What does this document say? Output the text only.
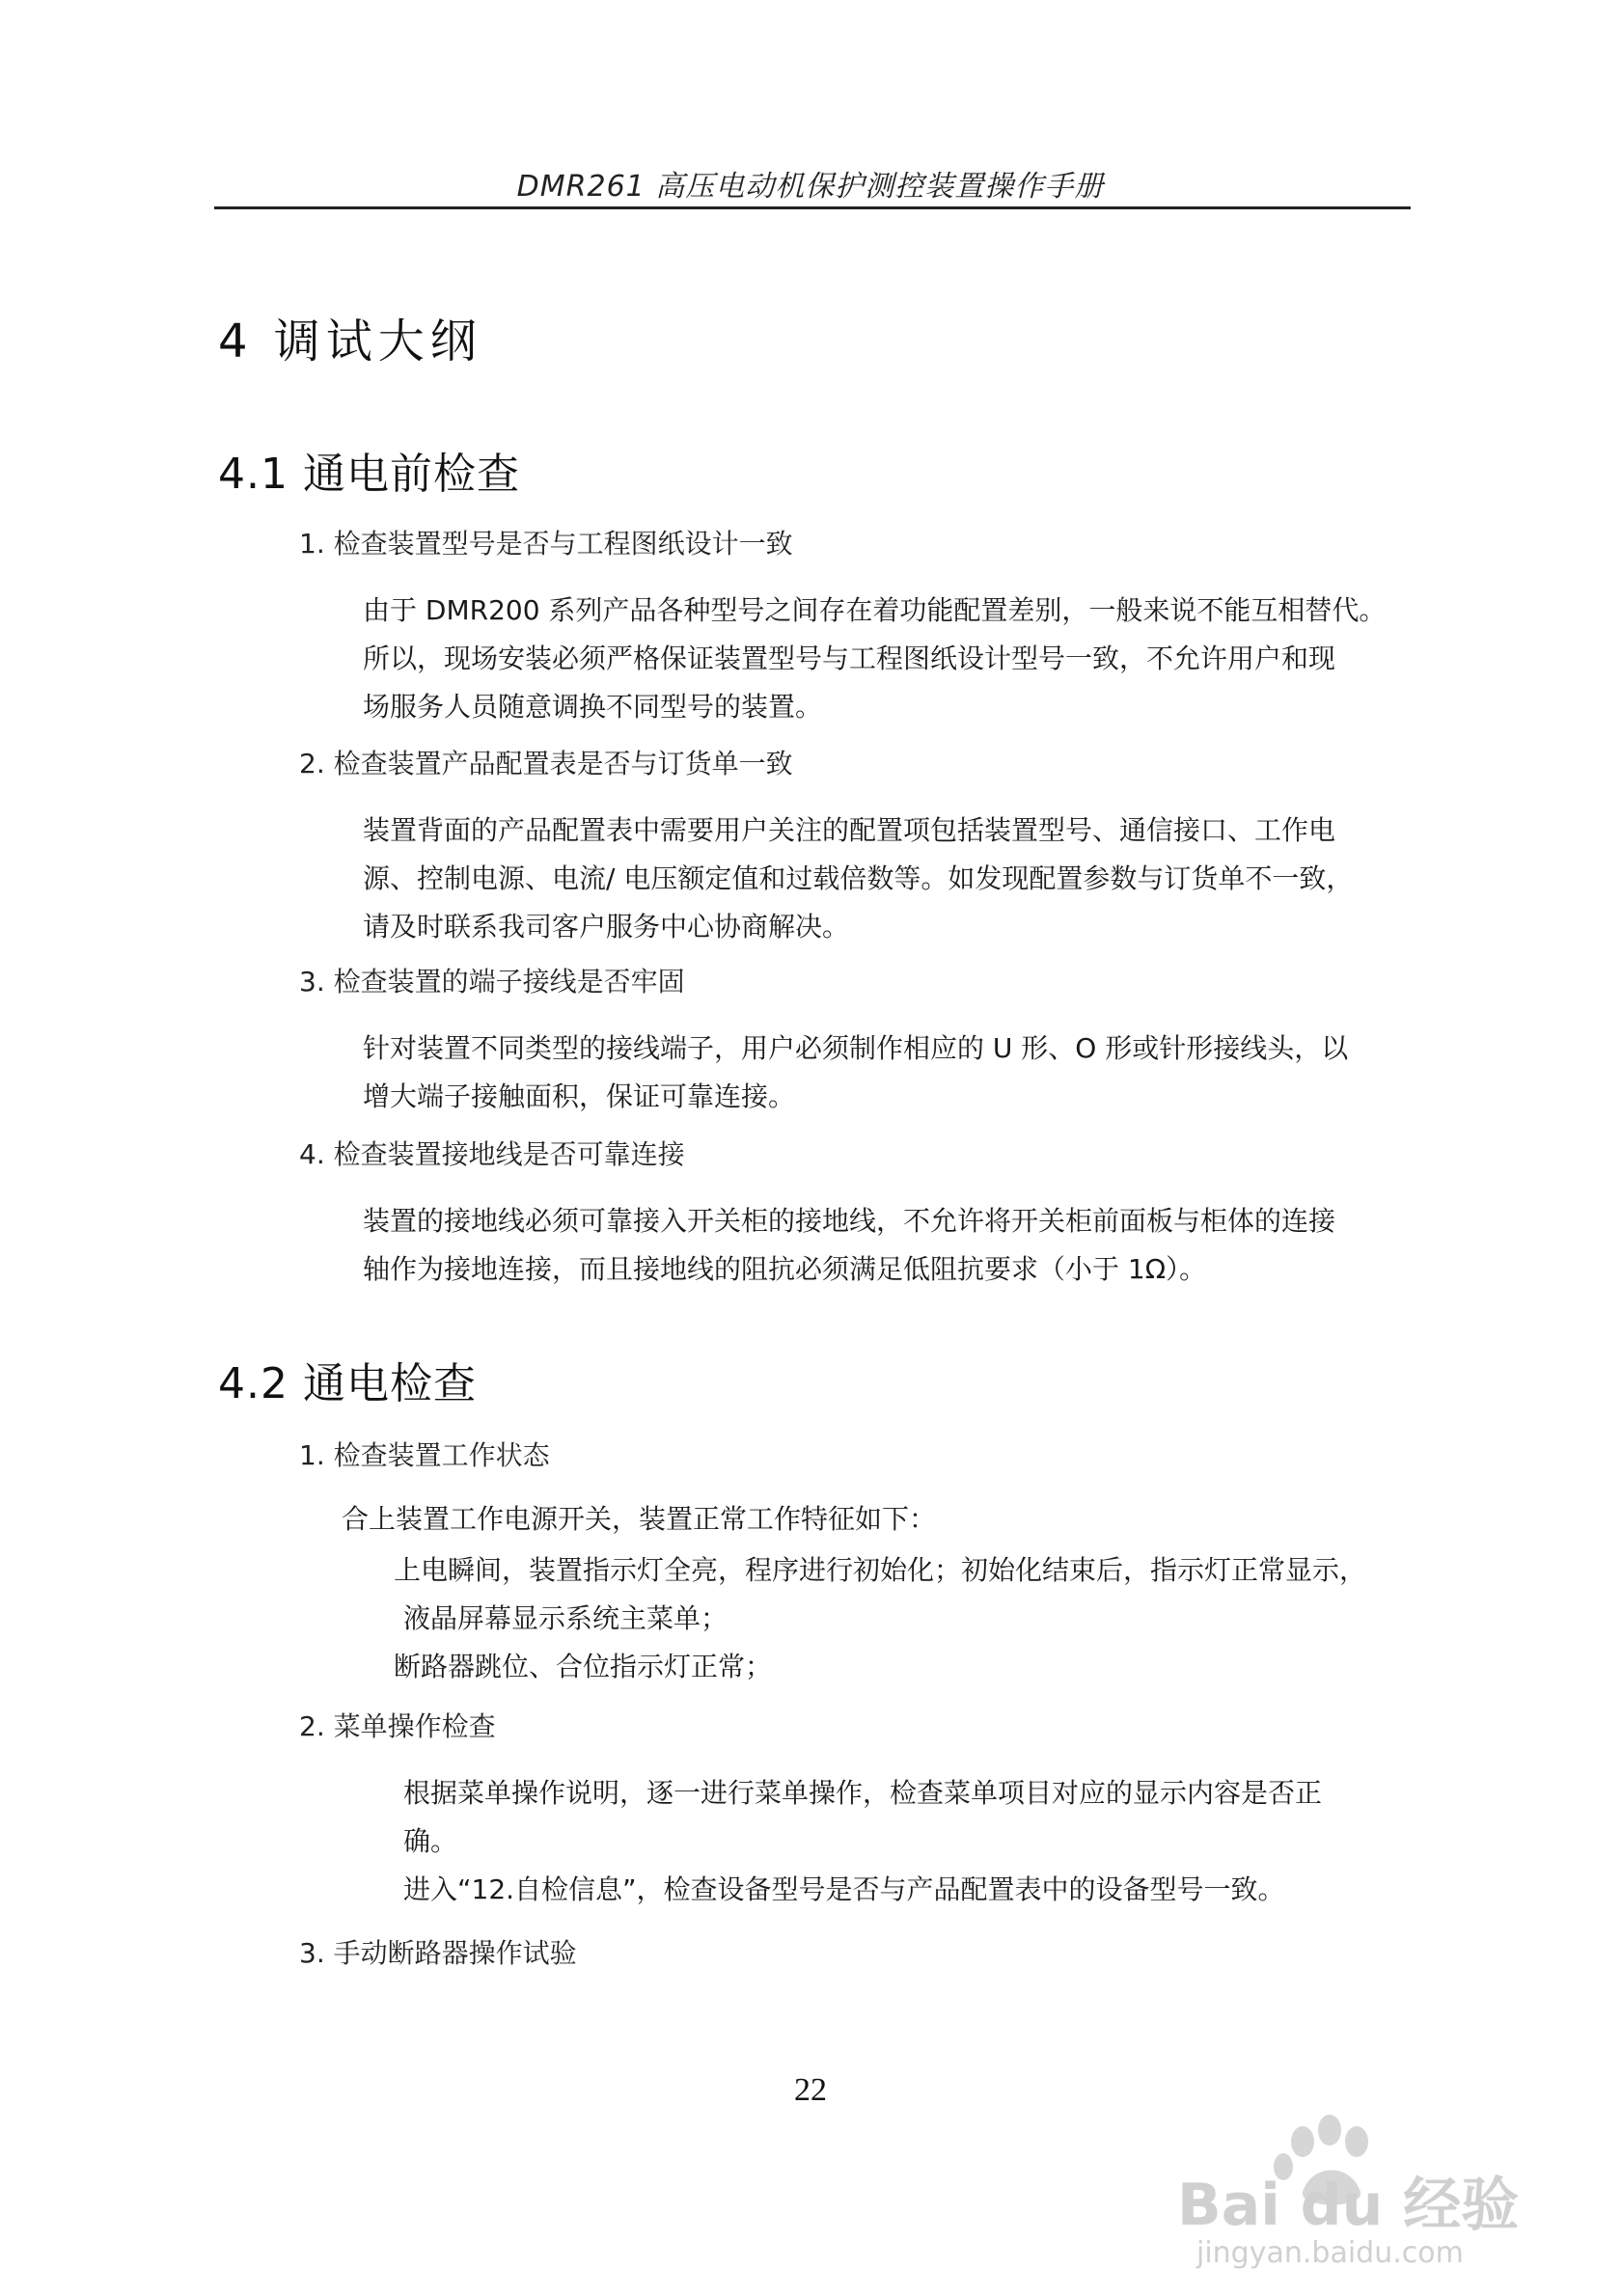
DMR261 高压电动机保护测控装置操作手册
4 调试大纲
4.1 通电前检查
1. 检查装置型号是否与工程图纸设计一致
由于 DMR200 系列产品各种型号之间存在着功能配置差别，一般来说不能互相替代。
所以，现场安装必须严格保证装置型号与工程图纸设计型号一致，不允许用户和现
场服务人员随意调换不同型号的装置。
2. 检查装置产品配置表是否与订货单一致
装置背面的产品配置表中需要用户关注的配置项包括装置型号、通信接口、工作电
源、控制电源、电流/ 电压额定值和过载倍数等。如发现配置参数与订货单不一致，
请及时联系我司客户服务中心协商解决。
3. 检查装置的端子接线是否牢固
针对装置不同类型的接线端子，用户必须制作相应的 U 形、O 形或针形接线头，以
增大端子接触面积，保证可靠连接。
4. 检查装置接地线是否可靠连接
装置的接地线必须可靠接入开关柜的接地线，不允许将开关柜前面板与柜体的连接
轴作为接地连接，而且接地线的阻抗必须满足低阻抗要求（小于 1Ω）。
4.2 通电检查
1. 检查装置工作状态
合上装置工作电源开关，装置正常工作特征如下：
上电瞬间，装置指示灯全亮，程序进行初始化；初始化结束后，指示灯正常显示，
液晶屏幕显示系统主菜单；
断路器跳位、合位指示灯正常；
2. 菜单操作检查
根据菜单操作说明，逐一进行菜单操作，检查菜单项目对应的显示内容是否正
确。
进入“12.自检信息”，检查设备型号是否与产品配置表中的设备型号一致。
3. 手动断路器操作试验
22
Bai du 经验
jingyan.baidu.com
